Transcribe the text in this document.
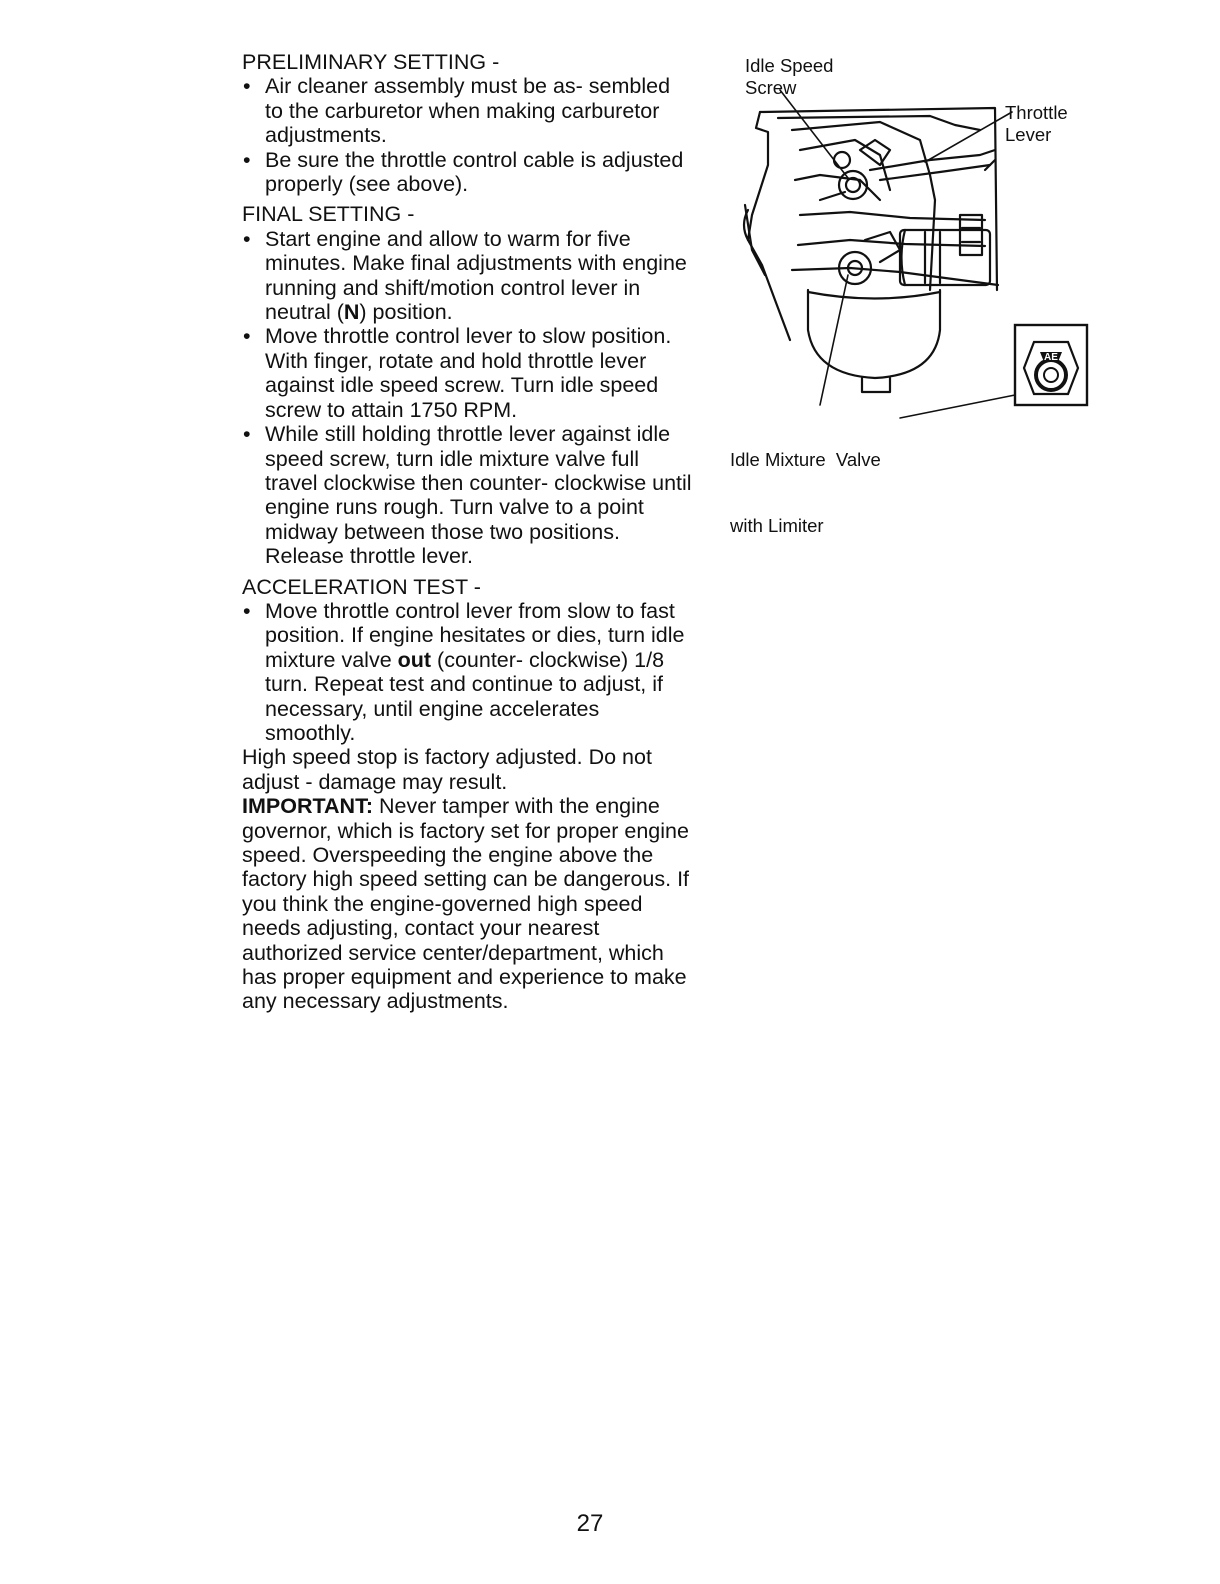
PRELIMINARY SETTING -

• Air cleaner assembly must be as- sembled to the carburetor when making carburetor adjustments.
• Be sure the throttle control cable is adjusted properly (see above).

FINAL SETTING -

• Start engine and allow to warm for five minutes. Make final adjustments with engine running and shift/motion control lever in neutral (N) position.
• Move throttle control lever to slow position. With finger, rotate and hold throttle lever against idle speed screw. Turn idle speed screw to attain 1750 RPM.
• While still holding throttle lever against idle speed screw, turn idle mixture valve full travel clockwise then counter- clockwise until engine runs rough. Turn valve to a point midway between those two positions. Release throttle lever.

ACCELERATION TEST -

• Move throttle control lever from slow to fast position. If engine hesitates or dies, turn idle mixture valve out (counter- clockwise) 1/8 turn. Repeat test and continue to adjust, if necessary, until engine accelerates smoothly.

High speed stop is factory adjusted. Do not adjust - damage may result.

IMPORTANT: Never tamper with the engine governor, which is factory set for proper engine speed. Overspeeding the engine above the factory high speed setting can be dangerous. If you think the engine-governed high speed needs adjusting, contact your nearest authorized service center/department, which has proper equipment and experience to make any necessary adjustments.

AE
Idle Speed
Screw
Throttle
Lever

Idle Mixture  Valve

with Limiter

27
